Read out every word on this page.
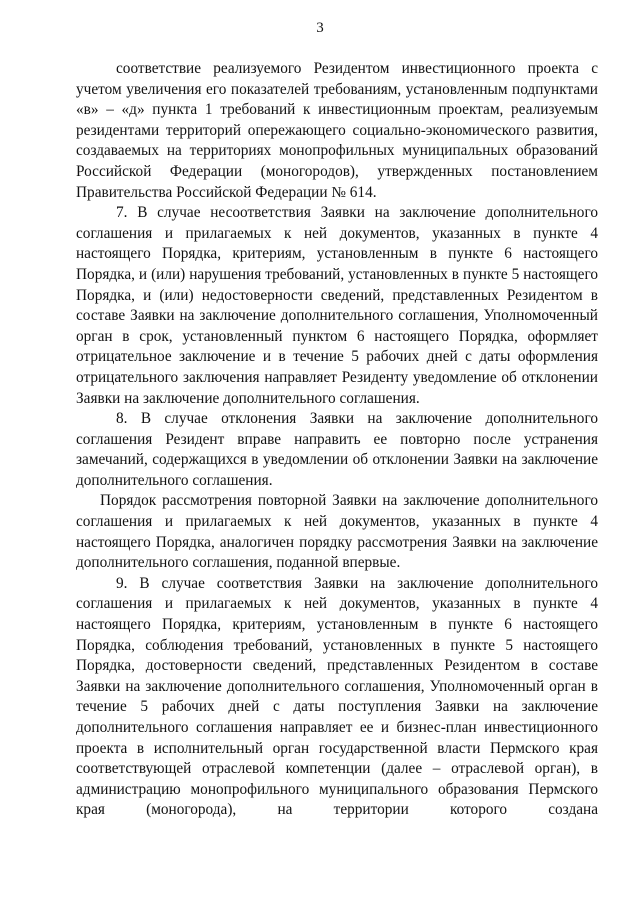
3

соответствие реализуемого Резидентом инвестиционного проекта с учетом увеличения его показателей требованиям, установленным подпунктами «в» – «д» пункта 1 требований к инвестиционным проектам, реализуемым резидентами территорий опережающего социально-экономического развития, создаваемых на территориях монопрофильных муниципальных образований Российской Федерации (моногородов), утвержденных постановлением Правительства Российской Федерации № 614.

7. В случае несоответствия Заявки на заключение дополнительного соглашения и прилагаемых к ней документов, указанных в пункте 4 настоящего Порядка, критериям, установленным в пункте 6 настоящего Порядка, и (или) нарушения требований, установленных в пункте 5 настоящего Порядка, и (или) недостоверности сведений, представленных Резидентом в составе Заявки на заключение дополнительного соглашения, Уполномоченный орган в срок, установленный пунктом 6 настоящего Порядка, оформляет отрицательное заключение и в течение 5 рабочих дней с даты оформления отрицательного заключения направляет Резиденту уведомление об отклонении Заявки на заключение дополнительного соглашения.

8. В случае отклонения Заявки на заключение дополнительного соглашения Резидент вправе направить ее повторно после устранения замечаний, содержащихся в уведомлении об отклонении Заявки на заключение дополнительного соглашения.

Порядок рассмотрения повторной Заявки на заключение дополнительного соглашения и прилагаемых к ней документов, указанных в пункте 4 настоящего Порядка, аналогичен порядку рассмотрения Заявки на заключение дополнительного соглашения, поданной впервые.

9. В случае соответствия Заявки на заключение дополнительного соглашения и прилагаемых к ней документов, указанных в пункте 4 настоящего Порядка, критериям, установленным в пункте 6 настоящего Порядка, соблюдения требований, установленных в пункте 5 настоящего Порядка, достоверности сведений, представленных Резидентом в составе Заявки на заключение дополнительного соглашения, Уполномоченный орган в течение 5 рабочих дней с даты поступления Заявки на заключение дополнительного соглашения направляет ее и бизнес-план инвестиционного проекта в исполнительный орган государственной власти Пермского края соответствующей отраслевой компетенции (далее – отраслевой орган), в администрацию монопрофильного муниципального образования Пермского края (моногорода), на территории которого создана
